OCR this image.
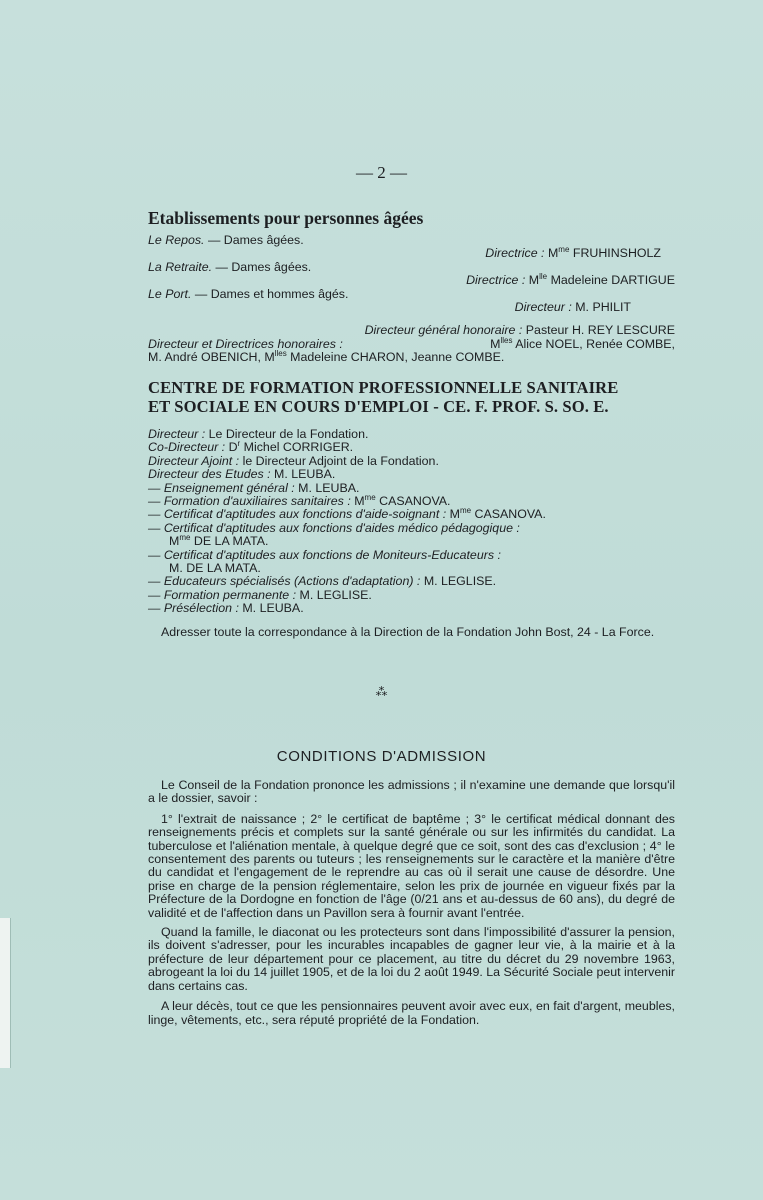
— 2 —
Etablissements pour personnes âgées
Le Repos. — Dames âgées.
Directrice : $M^{me}$ FRUHINSHOLZ
La Retraite. — Dames âgées.
Directrice : $M^{lle}$ Madeleine DARTIGUE
Le Port. — Dames et hommes âgés.
Directeur : M. PHILIT
Directeur général honoraire : Pasteur H. REY LESCURE
Directeur et Directrices honoraires :	$M^{lles}$ Alice NOEL, Renée COMBE,
M. André OBENICH, $M^{lles}$ Madeleine CHARON, Jeanne COMBE.
CENTRE DE FORMATION PROFESSIONNELLE SANITAIRE
ET SOCIALE EN COURS D'EMPLOI - CE. F. PROF. S. SO. E.
Directeur : Le Directeur de la Fondation.
Co-Directeur : $D^r$ Michel CORRIGER.
Directeur Ajoint : le Directeur Adjoint de la Fondation.
Directeur des Etudes : M. LEUBA.
— Enseignement général : M. LEUBA.
— Formation d'auxiliaires sanitaires : $M^{me}$ CASANOVA.
— Certificat d'aptitudes aux fonctions d'aide-soignant : $M^{me}$ CASANOVA.
— Certificat d'aptitudes aux fonctions d'aides médico pédagogique :
$M^{me}$ DE LA MATA.
— Certificat d'aptitudes aux fonctions de Moniteurs-Educateurs :
M. DE LA MATA.
— Educateurs spécialisés (Actions d'adaptation) : M. LEGLISE.
— Formation permanente : M. LEGLISE.
— Présélection : M. LEUBA.

Adresser toute la correspondance à la Direction de la Fondation John Bost, 24 - La Force.

⁂
CONDITIONS D'ADMISSION

Le Conseil de la Fondation prononce les admissions ; il n'examine une demande que lorsqu'il a le dossier, savoir :

1° l'extrait de naissance ; 2° le certificat de baptême ; 3° le certificat médical donnant des renseignements précis et complets sur la santé générale ou sur les infirmités du candidat. La tuberculose et l'aliénation mentale, à quelque degré que ce soit, sont des cas d'exclusion ; 4° le consentement des parents ou tuteurs ; les renseignements sur le caractère et la manière d'être du candidat et l'engagement de le reprendre au cas où il serait une cause de désordre. Une prise en charge de la pension réglementaire, selon les prix de journée en vigueur fixés par la Préfecture de la Dordogne en fonction de l'âge (0/21 ans et au-dessus de 60 ans), du degré de validité et de l'affection dans un Pavillon sera à fournir avant l'entrée.

Quand la famille, le diaconat ou les protecteurs sont dans l'impossibilité d'assurer la pension, ils doivent s'adresser, pour les incurables incapables de gagner leur vie, à la mairie et à la préfecture de leur département pour ce placement, au titre du décret du 29 novembre 1963, abrogeant la loi du 14 juillet 1905, et de la loi du 2 août 1949. La Sécurité Sociale peut intervenir dans certains cas.

A leur décès, tout ce que les pensionnaires peuvent avoir avec eux, en fait d'argent, meubles, linge, vêtements, etc., sera réputé propriété de la Fondation.
